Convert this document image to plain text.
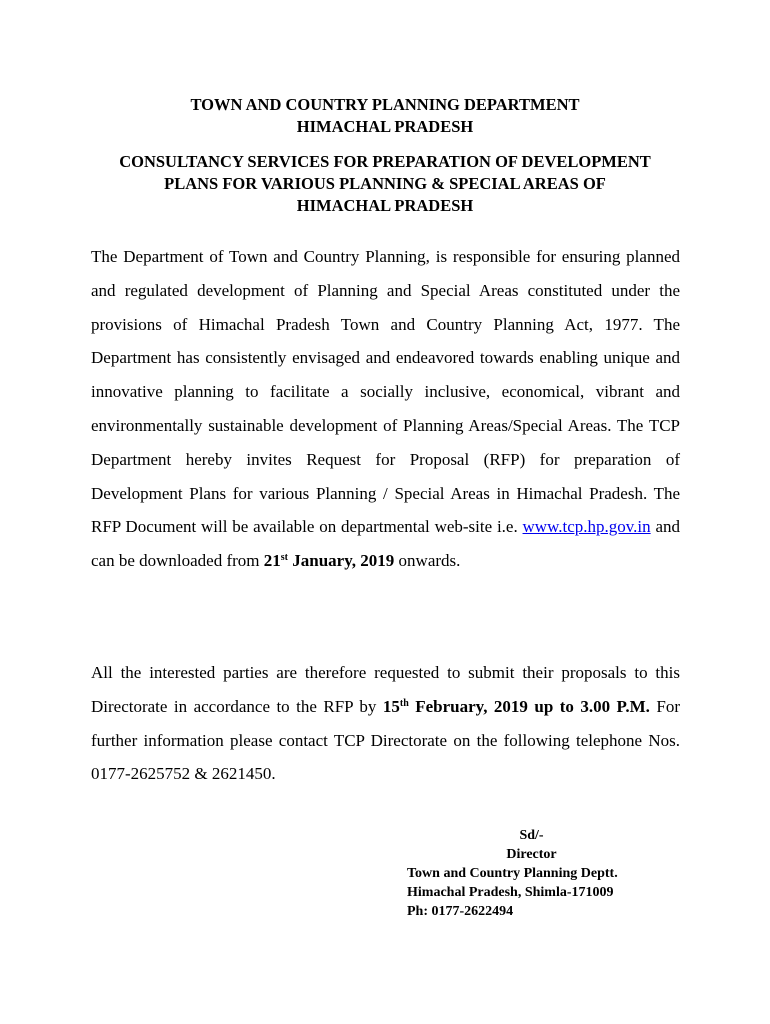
TOWN AND COUNTRY PLANNING DEPARTMENT
HIMACHAL PRADESH
CONSULTANCY SERVICES FOR PREPARATION OF DEVELOPMENT
PLANS FOR VARIOUS PLANNING & SPECIAL AREAS OF
HIMACHAL PRADESH

The Department of Town and Country Planning, is responsible for ensuring planned and regulated development of Planning and Special Areas constituted under the provisions of Himachal Pradesh Town and Country Planning Act, 1977. The Department has consistently envisaged and endeavored towards enabling unique and innovative planning to facilitate a socially inclusive, economical, vibrant and environmentally sustainable development of Planning Areas/Special Areas. The TCP Department hereby invites Request for Proposal (RFP) for preparation of Development Plans for various Planning / Special Areas in Himachal Pradesh. The RFP Document will be available on departmental web-site i.e. www.tcp.hp.gov.in and can be downloaded from 21st January, 2019 onwards.

All the interested parties are therefore requested to submit their proposals to this Directorate in accordance to the RFP by 15th February, 2019 up to 3.00 P.M. For further information please contact TCP Directorate on the following telephone Nos. 0177-2625752 & 2621450.

Sd/-
Director
Town and Country Planning Deptt.
Himachal Pradesh, Shimla-171009
Ph: 0177-2622494
